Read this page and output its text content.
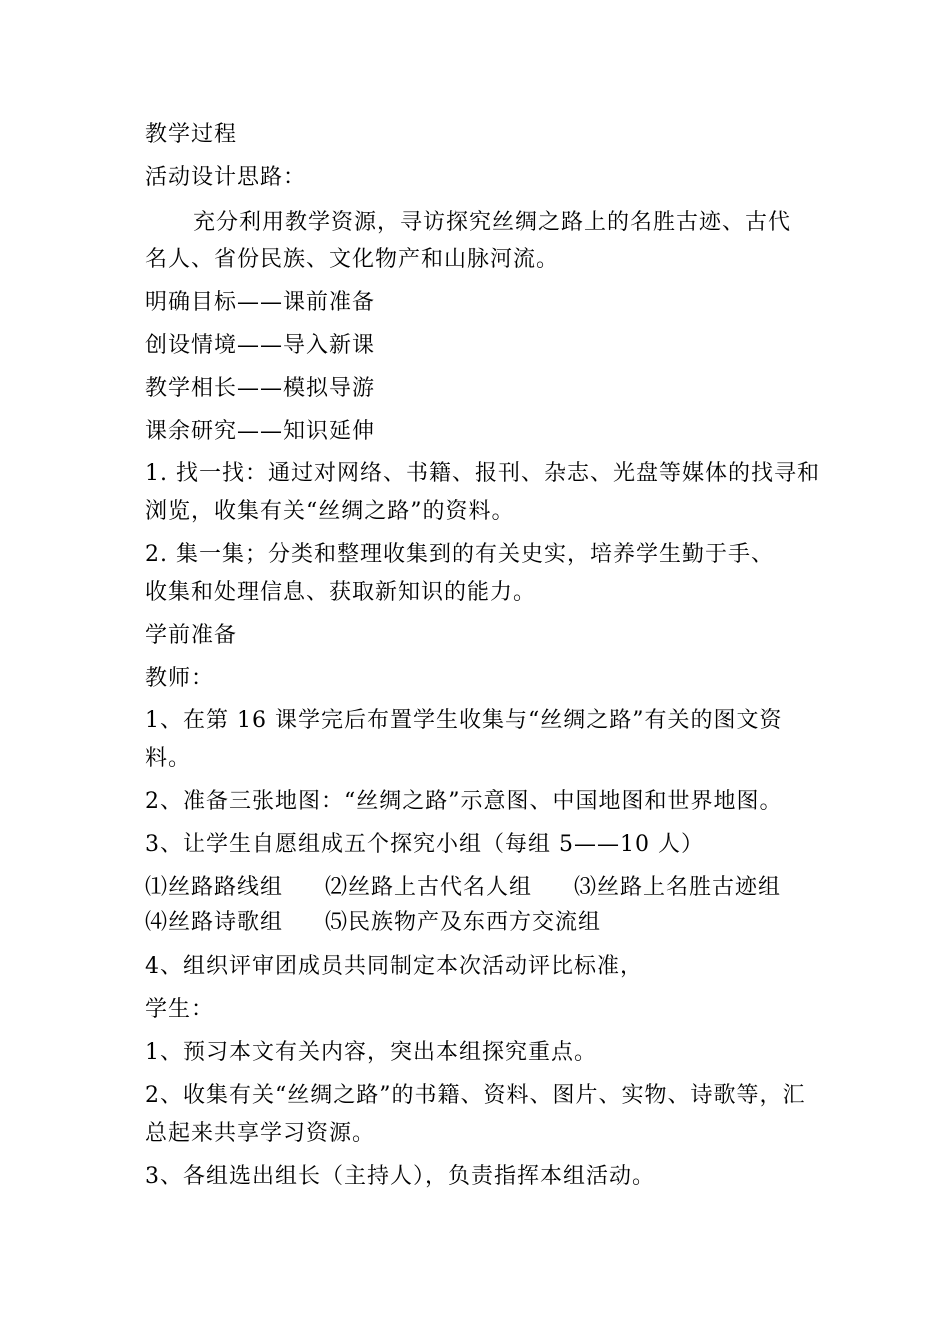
教学过程
活动设计思路：
充分利用教学资源，寻访探究丝绸之路上的名胜古迹、古代
名人、省份民族、文化物产和山脉河流。
明确目标——课前准备
创设情境——导入新课
教学相长——模拟导游
课余研究——知识延伸
1. 找一找：通过对网络、书籍、报刊、杂志、光盘等媒体的找寻和
浏览，收集有关“丝绸之路”的资料。
2. 集一集；分类和整理收集到的有关史实，培养学生勤于手、
收集和处理信息、获取新知识的能力。
学前准备
教师：
1、在第 16 课学完后布置学生收集与“丝绸之路”有关的图文资
料。
2、准备三张地图：“丝绸之路”示意图、中国地图和世界地图。
3、让学生自愿组成五个探究小组（每组 5——10 人）
⑴丝路路线组 ⑵丝路上古代名人组 ⑶丝路上名胜古迹组
⑷丝路诗歌组 ⑸民族物产及东西方交流组
4、组织评审团成员共同制定本次活动评比标准，
学生：
1、预习本文有关内容，突出本组探究重点。
2、收集有关“丝绸之路”的书籍、资料、图片、实物、诗歌等，汇
总起来共享学习资源。
3、各组选出组长（主持人），负责指挥本组活动。
